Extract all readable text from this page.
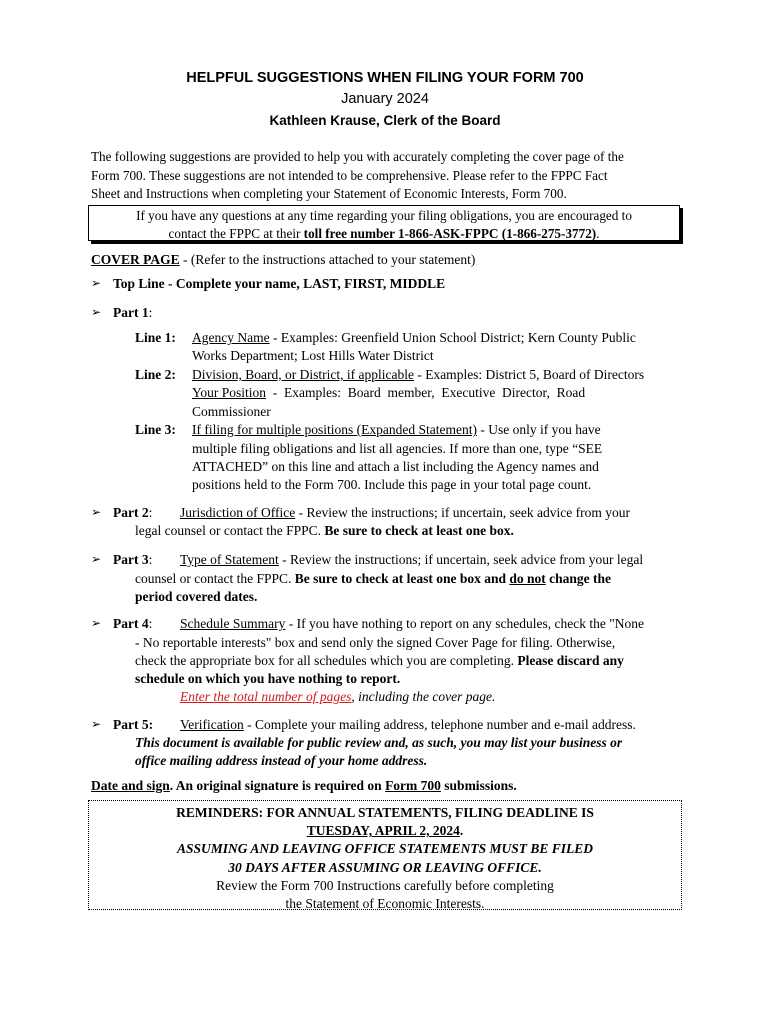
HELPFUL SUGGESTIONS WHEN FILING YOUR FORM 700
January 2024
Kathleen Krause, Clerk of the Board
The following suggestions are provided to help you with accurately completing the cover page of the
Form 700. These suggestions are not intended to be comprehensive. Please refer to the FPPC Fact
Sheet and Instructions when completing your Statement of Economic Interests, Form 700.
If you have any questions at any time regarding your filing obligations, you are encouraged to
contact the FPPC at their toll free number 1-866-ASK-FPPC (1-866-275-3772).
COVER PAGE - (Refer to the instructions attached to your statement)
➢ Top Line - Complete your name, LAST, FIRST, MIDDLE
➢ Part 1:
Line 1: Agency Name - Examples: Greenfield Union School District; Kern County Public
Works Department; Lost Hills Water District
Line 2: Division, Board, or District, if applicable - Examples: District 5, Board of Directors
Your Position  -  Examples:  Board  member,  Executive  Director,  Road
Commissioner
Line 3: If filing for multiple positions (Expanded Statement) - Use only if you have
multiple filing obligations and list all agencies. If more than one, type “SEE
ATTACHED” on this line and attach a list including the Agency names and
positions held to the Form 700. Include this page in your total page count.
➢ Part 2: Jurisdiction of Office - Review the instructions; if uncertain, seek advice from your
legal counsel or contact the FPPC. Be sure to check at least one box.
➢ Part 3: Type of Statement - Review the instructions; if uncertain, seek advice from your legal
counsel or contact the FPPC. Be sure to check at least one box and do not change the
period covered dates.
➢ Part 4: Schedule Summary - If you have nothing to report on any schedules, check the "None
- No reportable interests" box and send only the signed Cover Page for filing. Otherwise,
check the appropriate box for all schedules which you are completing. Please discard any
schedule on which you have nothing to report.
Enter the total number of pages, including the cover page.
➢ Part 5: Verification - Complete your mailing address, telephone number and e-mail address.
This document is available for public review and, as such, you may list your business or
office mailing address instead of your home address.
Date and sign. An original signature is required on Form 700 submissions.
REMINDERS: FOR ANNUAL STATEMENTS, FILING DEADLINE IS
TUESDAY, APRIL 2, 2024.
ASSUMING AND LEAVING OFFICE STATEMENTS MUST BE FILED
30 DAYS AFTER ASSUMING OR LEAVING OFFICE.
Review the Form 700 Instructions carefully before completing
the Statement of Economic Interests.
